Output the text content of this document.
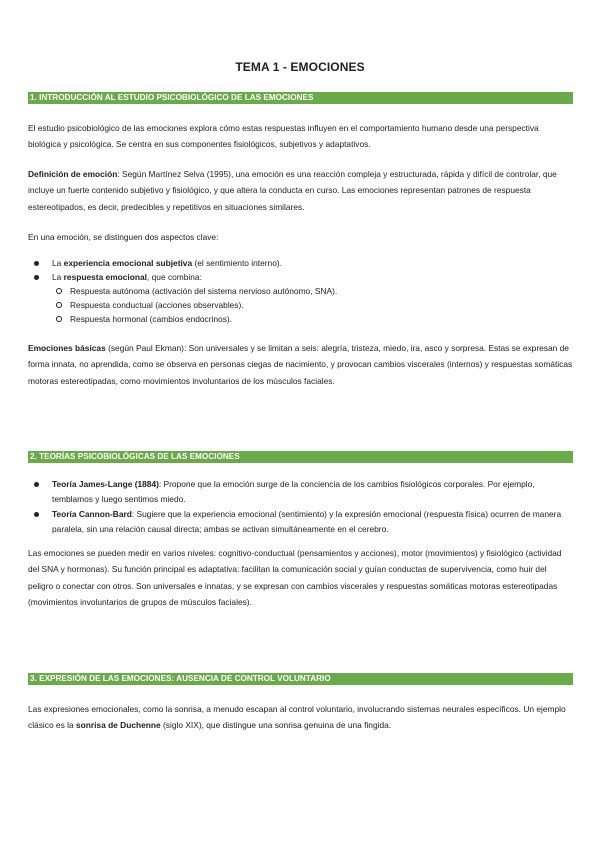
TEMA 1 - EMOCIONES
1. INTRODUCCIÓN AL ESTUDIO PSICOBIOLÓGICO DE LAS EMOCIONES

El estudio psicobiológico de las emociones explora cómo estas respuestas influyen en el comportamiento humano desde una perspectiva biológica y psicológica. Se centra en sus componentes fisiológicos, subjetivos y adaptativos.

Definición de emoción: Según Martínez Selva (1995), una emoción es una reacción compleja y estructurada, rápida y difícil de controlar, que incluye un fuerte contenido subjetivo y fisiológico, y que altera la conducta en curso. Las emociones representan patrones de respuesta estereotipados, es decir, predecibles y repetitivos en situaciones similares.

En una emoción, se distinguen dos aspectos clave:

La experiencia emocional subjetiva (el sentimiento interno).
La respuesta emocional, que combina:
Respuesta autónoma (activación del sistema nervioso autónomo, SNA).
Respuesta conductual (acciones observables).
Respuesta hormonal (cambios endocrinos).

Emociones básicas (según Paul Ekman): Son universales y se limitan a seis: alegría, tristeza, miedo, ira, asco y sorpresa. Estas se expresan de forma innata, no aprendida, como se observa en personas ciegas de nacimiento, y provocan cambios viscerales (internos) y respuestas somáticas motoras estereotipadas, como movimientos involuntarios de los músculos faciales.

2. TEORÍAS PSICOBIOLÓGICAS DE LAS EMOCIONES
Teoría James-Lange (1884): Propone que la emoción surge de la conciencia de los cambios fisiológicos corporales. Por ejemplo, temblamos y luego sentimos miedo.
Teoría Cannon-Bard: Sugiere que la experiencia emocional (sentimiento) y la expresión emocional (respuesta física) ocurren de manera paralela, sin una relación causal directa; ambas se activan simultáneamente en el cerebro.

Las emociones se pueden medir en varios niveles: cognitivo-conductual (pensamientos y acciones), motor (movimientos) y fisiológico (actividad del SNA y hormonas). Su función principal es adaptativa: facilitan la comunicación social y guían conductas de supervivencia, como huir del peligro o conectar con otros. Son universales e innatas, y se expresan con cambios viscerales y respuestas somáticas motoras estereotipadas (movimientos involuntarios de grupos de músculos faciales).

3. EXPRESIÓN DE LAS EMOCIONES: AUSENCIA DE CONTROL VOLUNTARIO

Las expresiones emocionales, como la sonrisa, a menudo escapan al control voluntario, involucrando sistemas neurales específicos. Un ejemplo clásico es la sonrisa de Duchenne (siglo XIX), que distingue una sonrisa genuina de una fingida.
